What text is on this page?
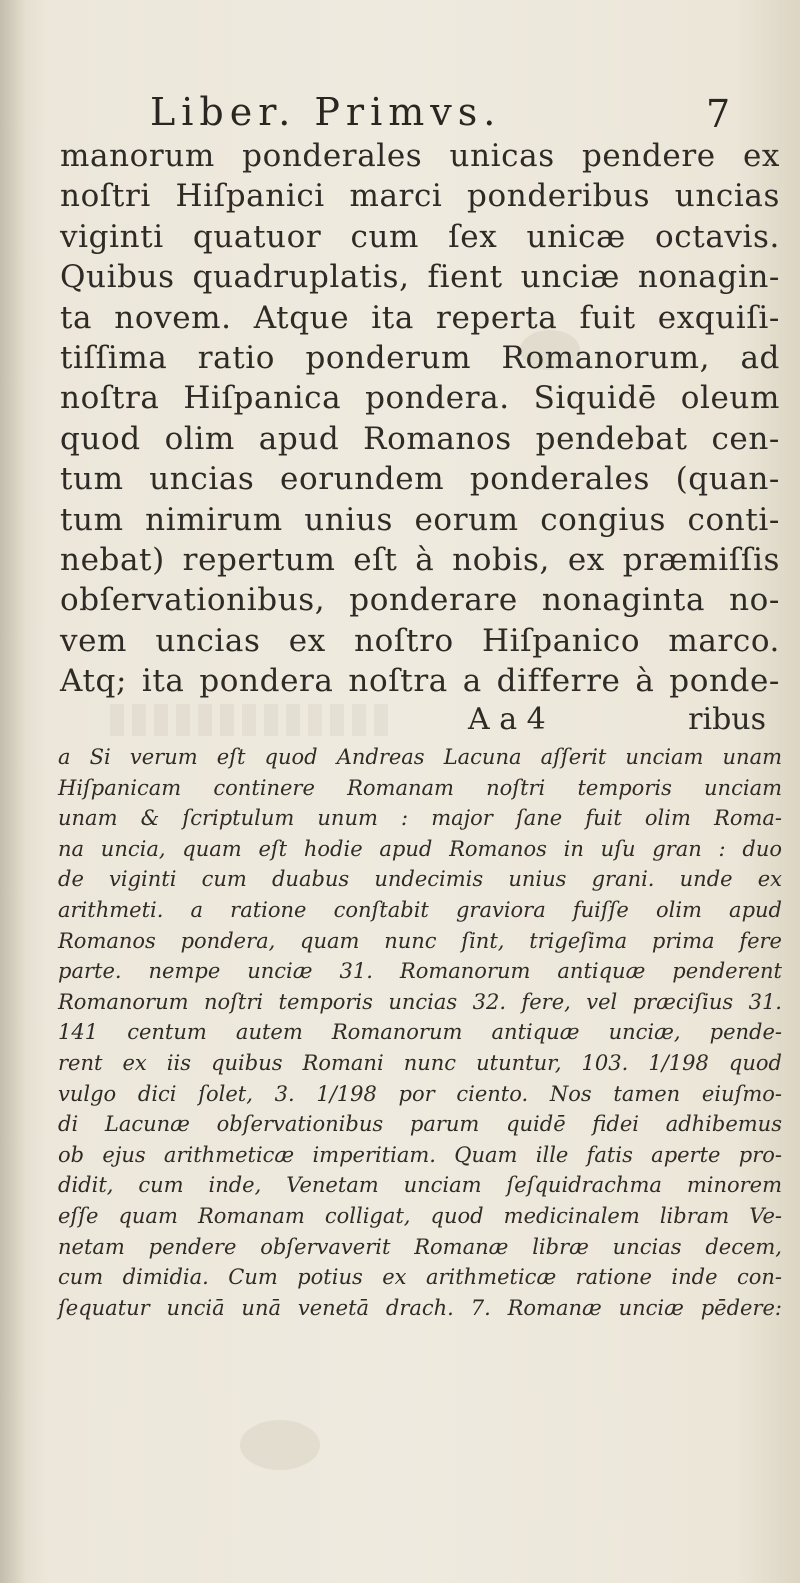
Liber. Primvs.	7
manorum ponderales unicas pendere ex
noſtri Hiſpanici marci ponderibus uncias
viginti quatuor cum ſex unicæ octavis.
Quibus quadruplatis, fient unciæ nonagin-
ta novem. Atque ita reperta fuit exquiſi-
tiſſima ratio ponderum Romanorum, ad
noſtra Hiſpanica pondera. Siquidē oleum
quod olim apud Romanos pendebat cen-
tum uncias eorundem ponderales (quan-
tum nimirum unius eorum congius conti-
nebat) repertum eſt à nobis, ex præmiſſis
obſervationibus, ponderare nonaginta no-
vem uncias ex noſtro Hiſpanico marco.
Atq; ita pondera noſtra a differre à ponde-
A a 4	ribus
a Si verum eſt quod Andreas Lacuna aſſerit unciam unam
Hiſpanicam continere Romanam noſtri temporis unciam
unam & ſcriptulum unum : major ſane fuit olim Roma-
na uncia, quam eſt hodie apud Romanos in uſu gran : duo
de viginti cum duabus undecimis unius grani. unde ex
arithmeti. a ratione conſtabit graviora fuiſſe olim apud
Romanos pondera, quam nunc ſint, trigeſima prima fere
parte. nempe unciæ 31. Romanorum antiquæ penderent
Romanorum noſtri temporis uncias 32. fere, vel præciſius 31.
141 centum autem Romanorum antiquæ unciæ, pende-
rent ex iis quibus Romani nunc utuntur, 103. 1/198 quod
vulgo dici ſolet, 3. 1/198 por ciento. Nos tamen eiuſmo-
di Lacunæ obſervationibus parum quidē fidei adhibemus
ob ejus arithmeticæ imperitiam. Quam ille fatis aperte pro-
didit, cum inde, Venetam unciam ſeſquidrachma minorem
eſſe quam Romanam colligat, quod medicinalem libram Ve-
netam pendere obſervaverit Romanæ libræ uncias decem,
cum dimidia. Cum potius ex arithmeticæ ratione inde con-
ſequatur unciā unā venetā drach. 7. Romanæ unciæ pēdere:
